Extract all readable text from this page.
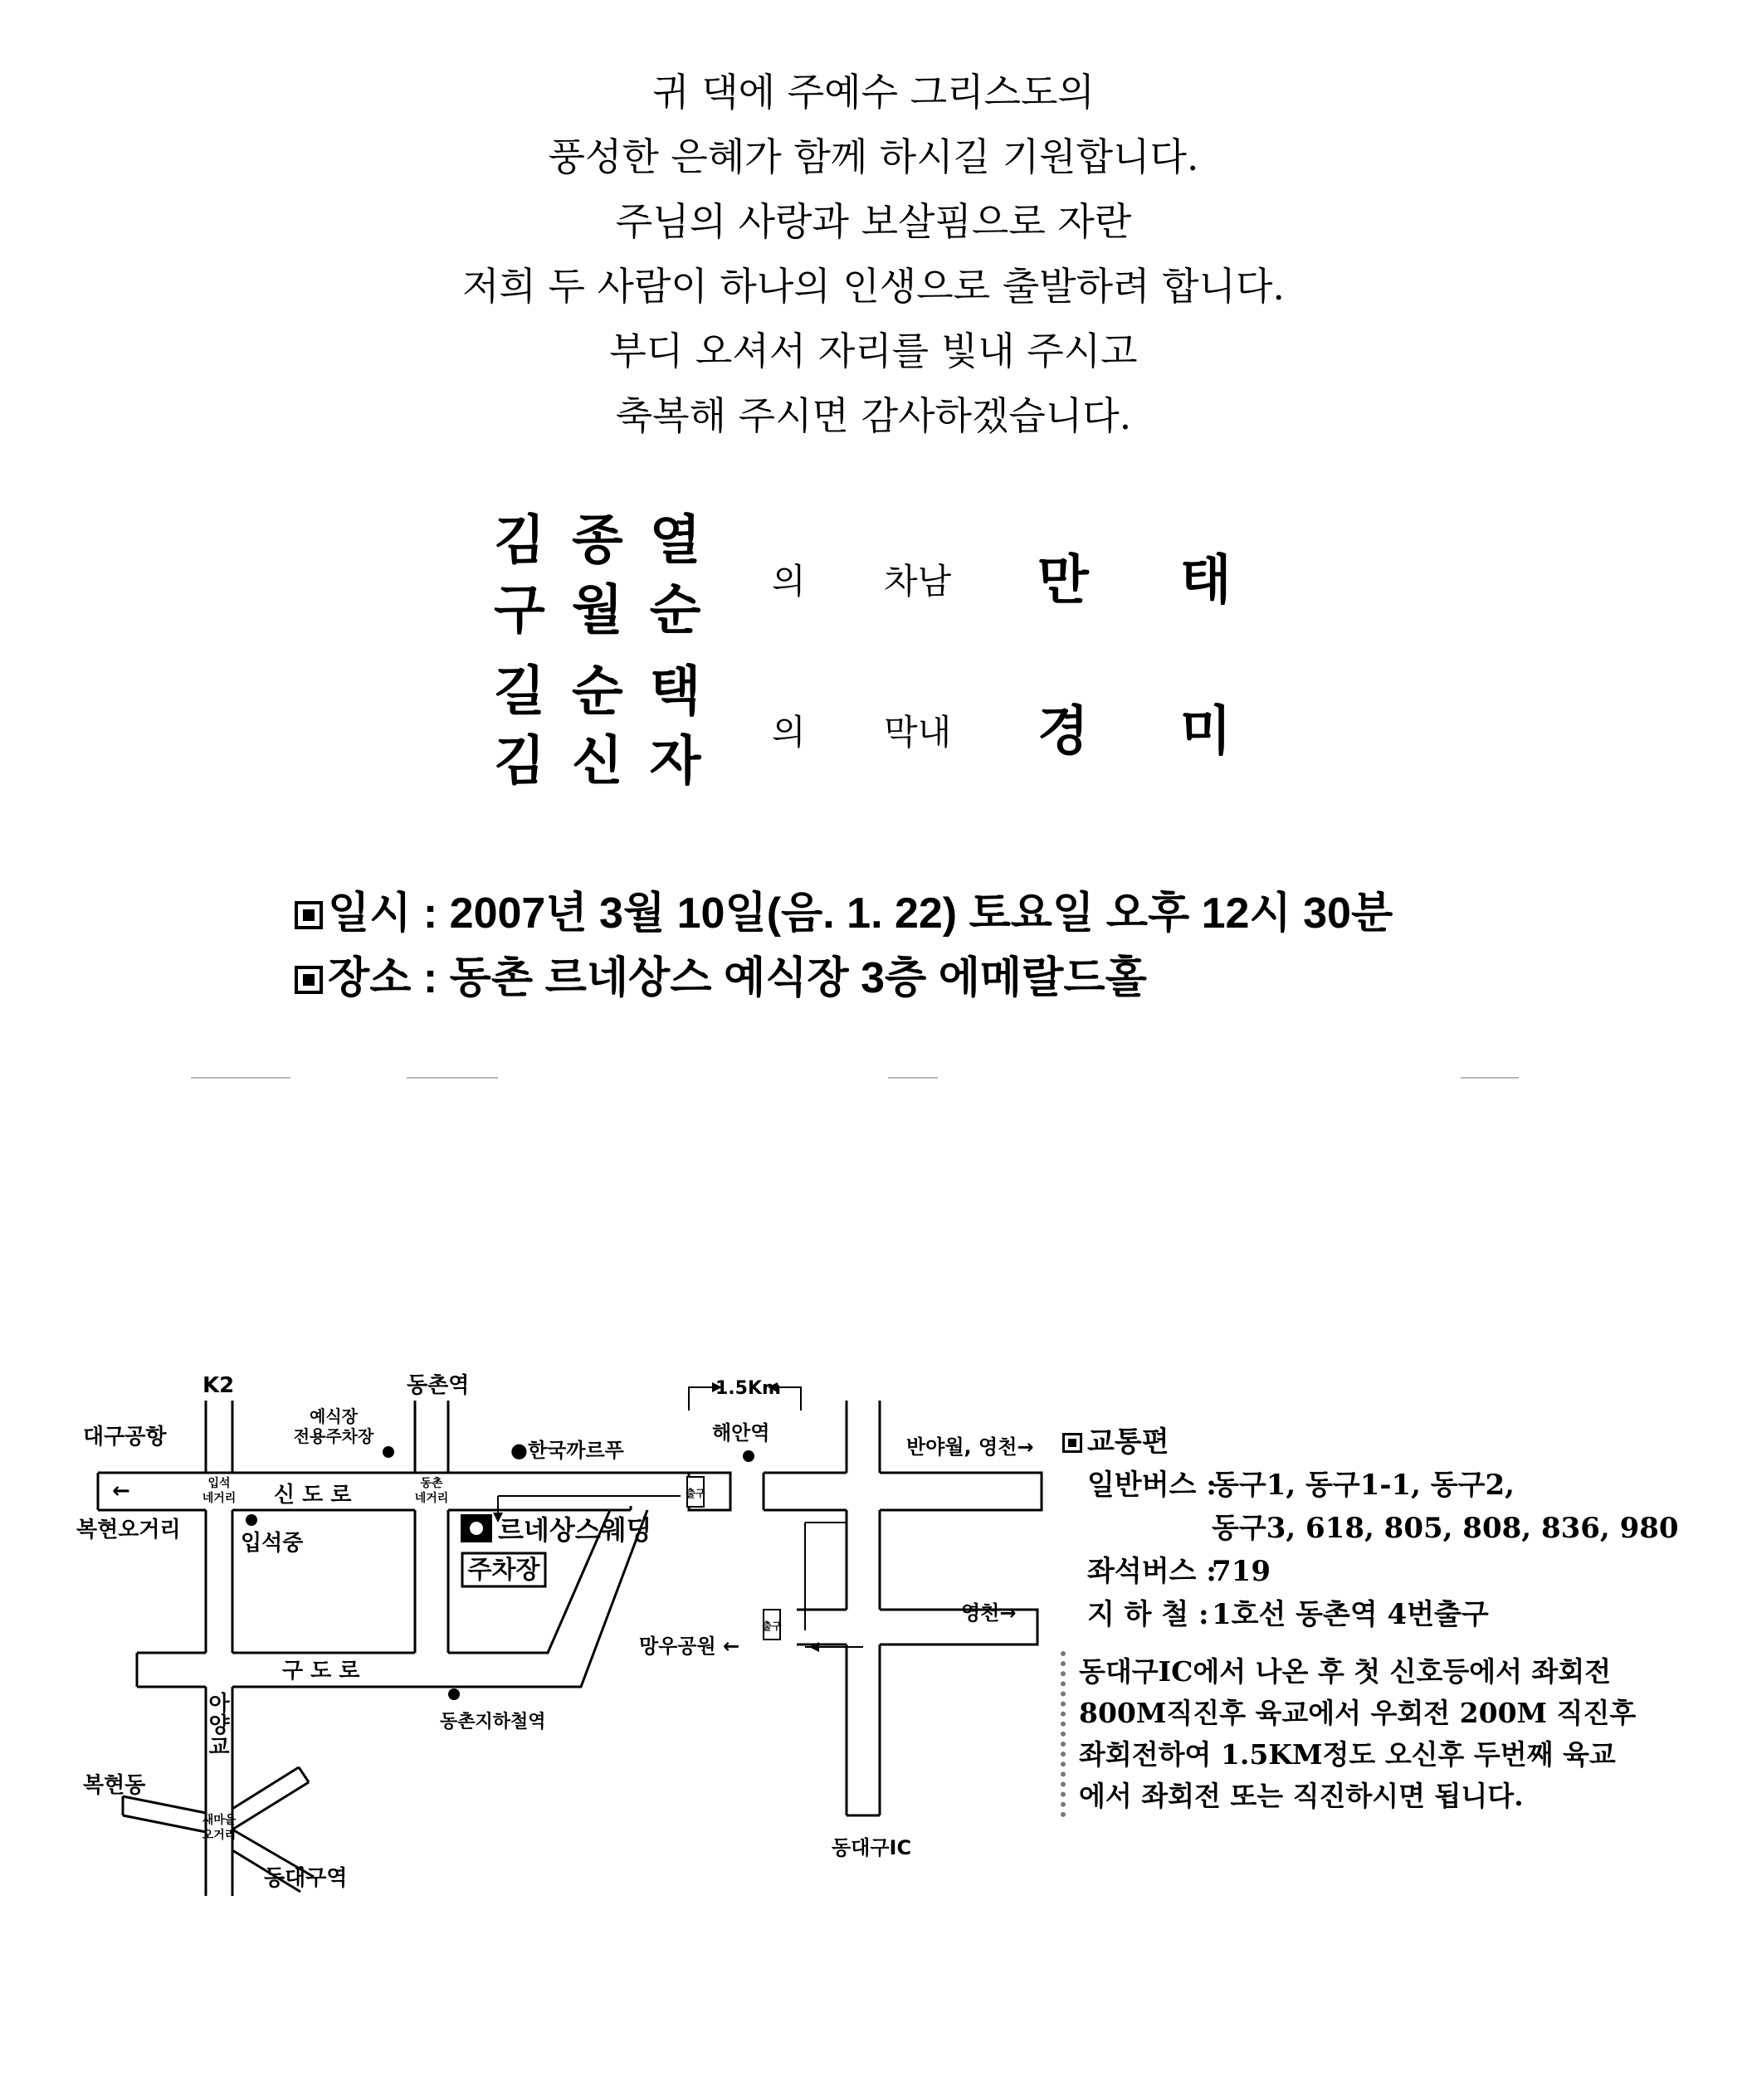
귀 댁에 주예수 그리스도의
풍성한 은혜가 함께 하시길 기원합니다.
주님의 사랑과 보살핌으로 자란
저희 두 사람이 하나의 인생으로 출발하려 합니다.
부디 오셔서 자리를 빛내 주시고
축복해 주시면 감사하겠습니다.
김종열
구월순 의 차남 만태
길순택
김신자 의 막내 경미
일시 : 2007년 3월 10일(음. 1. 22) 토요일 오후 12시 30분
장소 : 동촌 르네상스 예식장 3층 에메랄드홀
출구
출구
K2	동촌역
대구공항
예식장
전용주차장
입석
네거리
동촌
네거리
●한국까르푸
신 도 로
←
복현오거리
입석중	르네상스웨딩
주차장
구 도 로
동촌지하철역
아
양
교
복현동
새마을
오거리
동대구역
1.5Km
해안역
반야월, 영천→
영천→
망우공원 ←
동대구IC
교통편
일반버스 :
동구1, 동구1-1, 동구2,
동구3, 618, 805, 808, 836, 980
좌석버스 :
719
지 하 철 : 1호선 동촌역 4번출구
동대구IC에서 나온 후 첫 신호등에서 좌회전
800M직진후 육교에서 우회전 200M 직진후
좌회전하여 1.5KM정도 오신후 두번째 육교
에서 좌회전 또는 직진하시면 됩니다.
